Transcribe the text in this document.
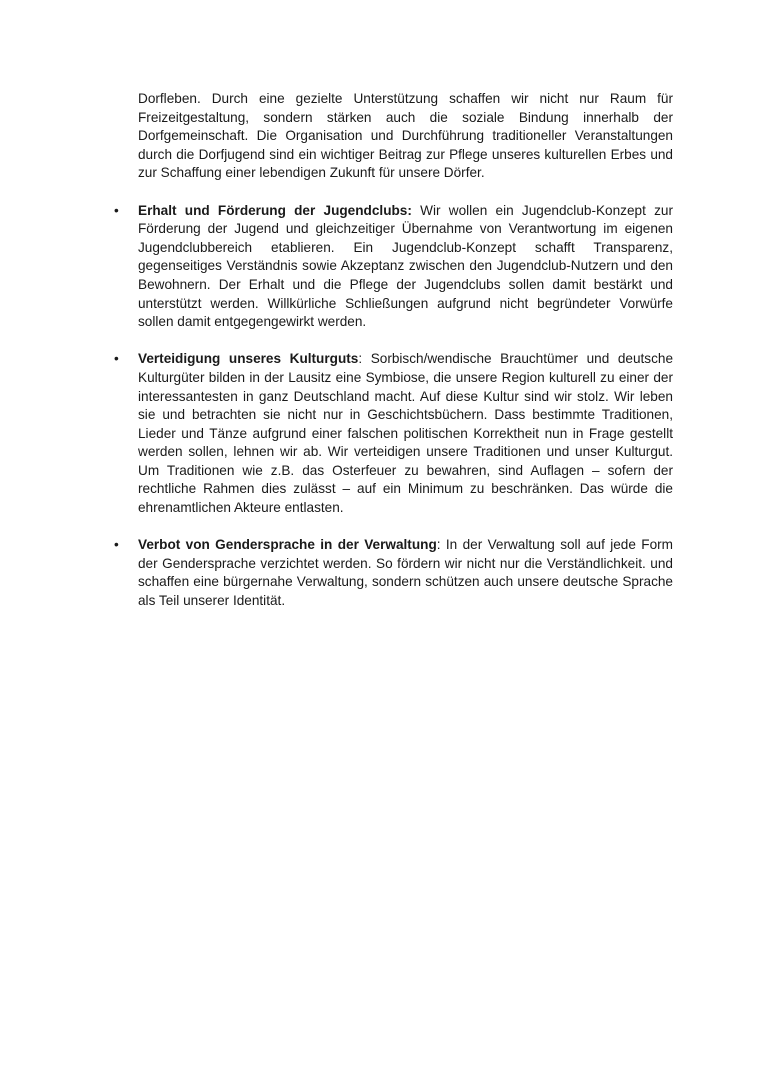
Dorfleben. Durch eine gezielte Unterstützung schaffen wir nicht nur Raum für Freizeitgestaltung, sondern stärken auch die soziale Bindung innerhalb der Dorfgemeinschaft. Die Organisation und Durchführung traditioneller Veranstaltungen durch die Dorfjugend sind ein wichtiger Beitrag zur Pflege unseres kulturellen Erbes und zur Schaffung einer lebendigen Zukunft für unsere Dörfer.

•	Erhalt und Förderung der Jugendclubs: Wir wollen ein Jugendclub-Konzept zur Förderung der Jugend und gleichzeitiger Übernahme von Verantwortung im eigenen Jugendclubbereich etablieren. Ein Jugendclub-Konzept schafft Transparenz, gegenseitiges Verständnis sowie Akzeptanz zwischen den Jugendclub-Nutzern und den Bewohnern. Der Erhalt und die Pflege der Jugendclubs sollen damit bestärkt und unterstützt werden. Willkürliche Schließungen aufgrund nicht begründeter Vorwürfe sollen damit entgegengewirkt werden.

•	Verteidigung unseres Kulturguts: Sorbisch/wendische Brauchtümer und deutsche Kulturgüter bilden in der Lausitz eine Symbiose, die unsere Region kulturell zu einer der interessantesten in ganz Deutschland macht. Auf diese Kultur sind wir stolz. Wir leben sie und betrachten sie nicht nur in Geschichtsbüchern. Dass bestimmte Traditionen, Lieder und Tänze aufgrund einer falschen politischen Korrektheit nun in Frage gestellt werden sollen, lehnen wir ab. Wir verteidigen unsere Traditionen und unser Kulturgut. Um Traditionen wie z.B. das Osterfeuer zu bewahren, sind Auflagen – sofern der rechtliche Rahmen dies zulässt – auf ein Minimum zu beschränken. Das würde die ehrenamtlichen Akteure entlasten.

•	Verbot von Gendersprache in der Verwaltung: In der Verwaltung soll auf jede Form der Gendersprache verzichtet werden. So fördern wir nicht nur die Verständlichkeit. und schaffen eine bürgernahe Verwaltung, sondern schützen auch unsere deutsche Sprache als Teil unserer Identität.
